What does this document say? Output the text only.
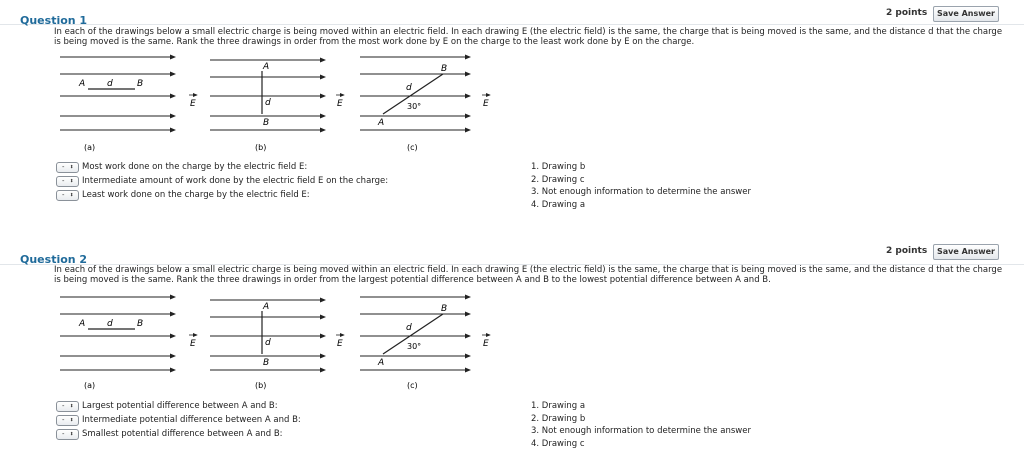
Question 1
2 points	Save Answer
In each of the drawings below a small electric charge is being moved within an electric field. In each drawing E (the electric field) is the same, the charge that is being moved is the same, and the distance d that the charge is being moved is the same. Rank the three drawings in order from the most work done by E on the charge to the least work done by E on the charge.
A d	B
E
(a)
A
d
B
E
(b)
B
d
30°
A
E
(c)
- ⬍ Most work done on the charge by the electric field E:
- ⬍ Intermediate amount of work done by the electric field E on the charge:
- ⬍ Least work done on the charge by the electric field E:
1. Drawing b
2. Drawing c
3. Not enough information to determine the answer
4. Drawing a
Question 2
2 points	Save Answer
In each of the drawings below a small electric charge is being moved within an electric field. In each drawing E (the electric field) is the same, the charge that is being moved is the same, and the distance d that the charge is being moved is the same. Rank the three drawings in order from the largest potential difference between A and B to the lowest potential difference between A and B.
A d	B
E
(a)
A
d
B
E
(b)
B
d
30°
A
E
(c)
- ⬍ Largest potential difference between A and B:
- ⬍ Intermediate potential difference between A and B:
- ⬍ Smallest potential difference between A and B:
1. Drawing a
2. Drawing b
3. Not enough information to determine the answer
4. Drawing c
